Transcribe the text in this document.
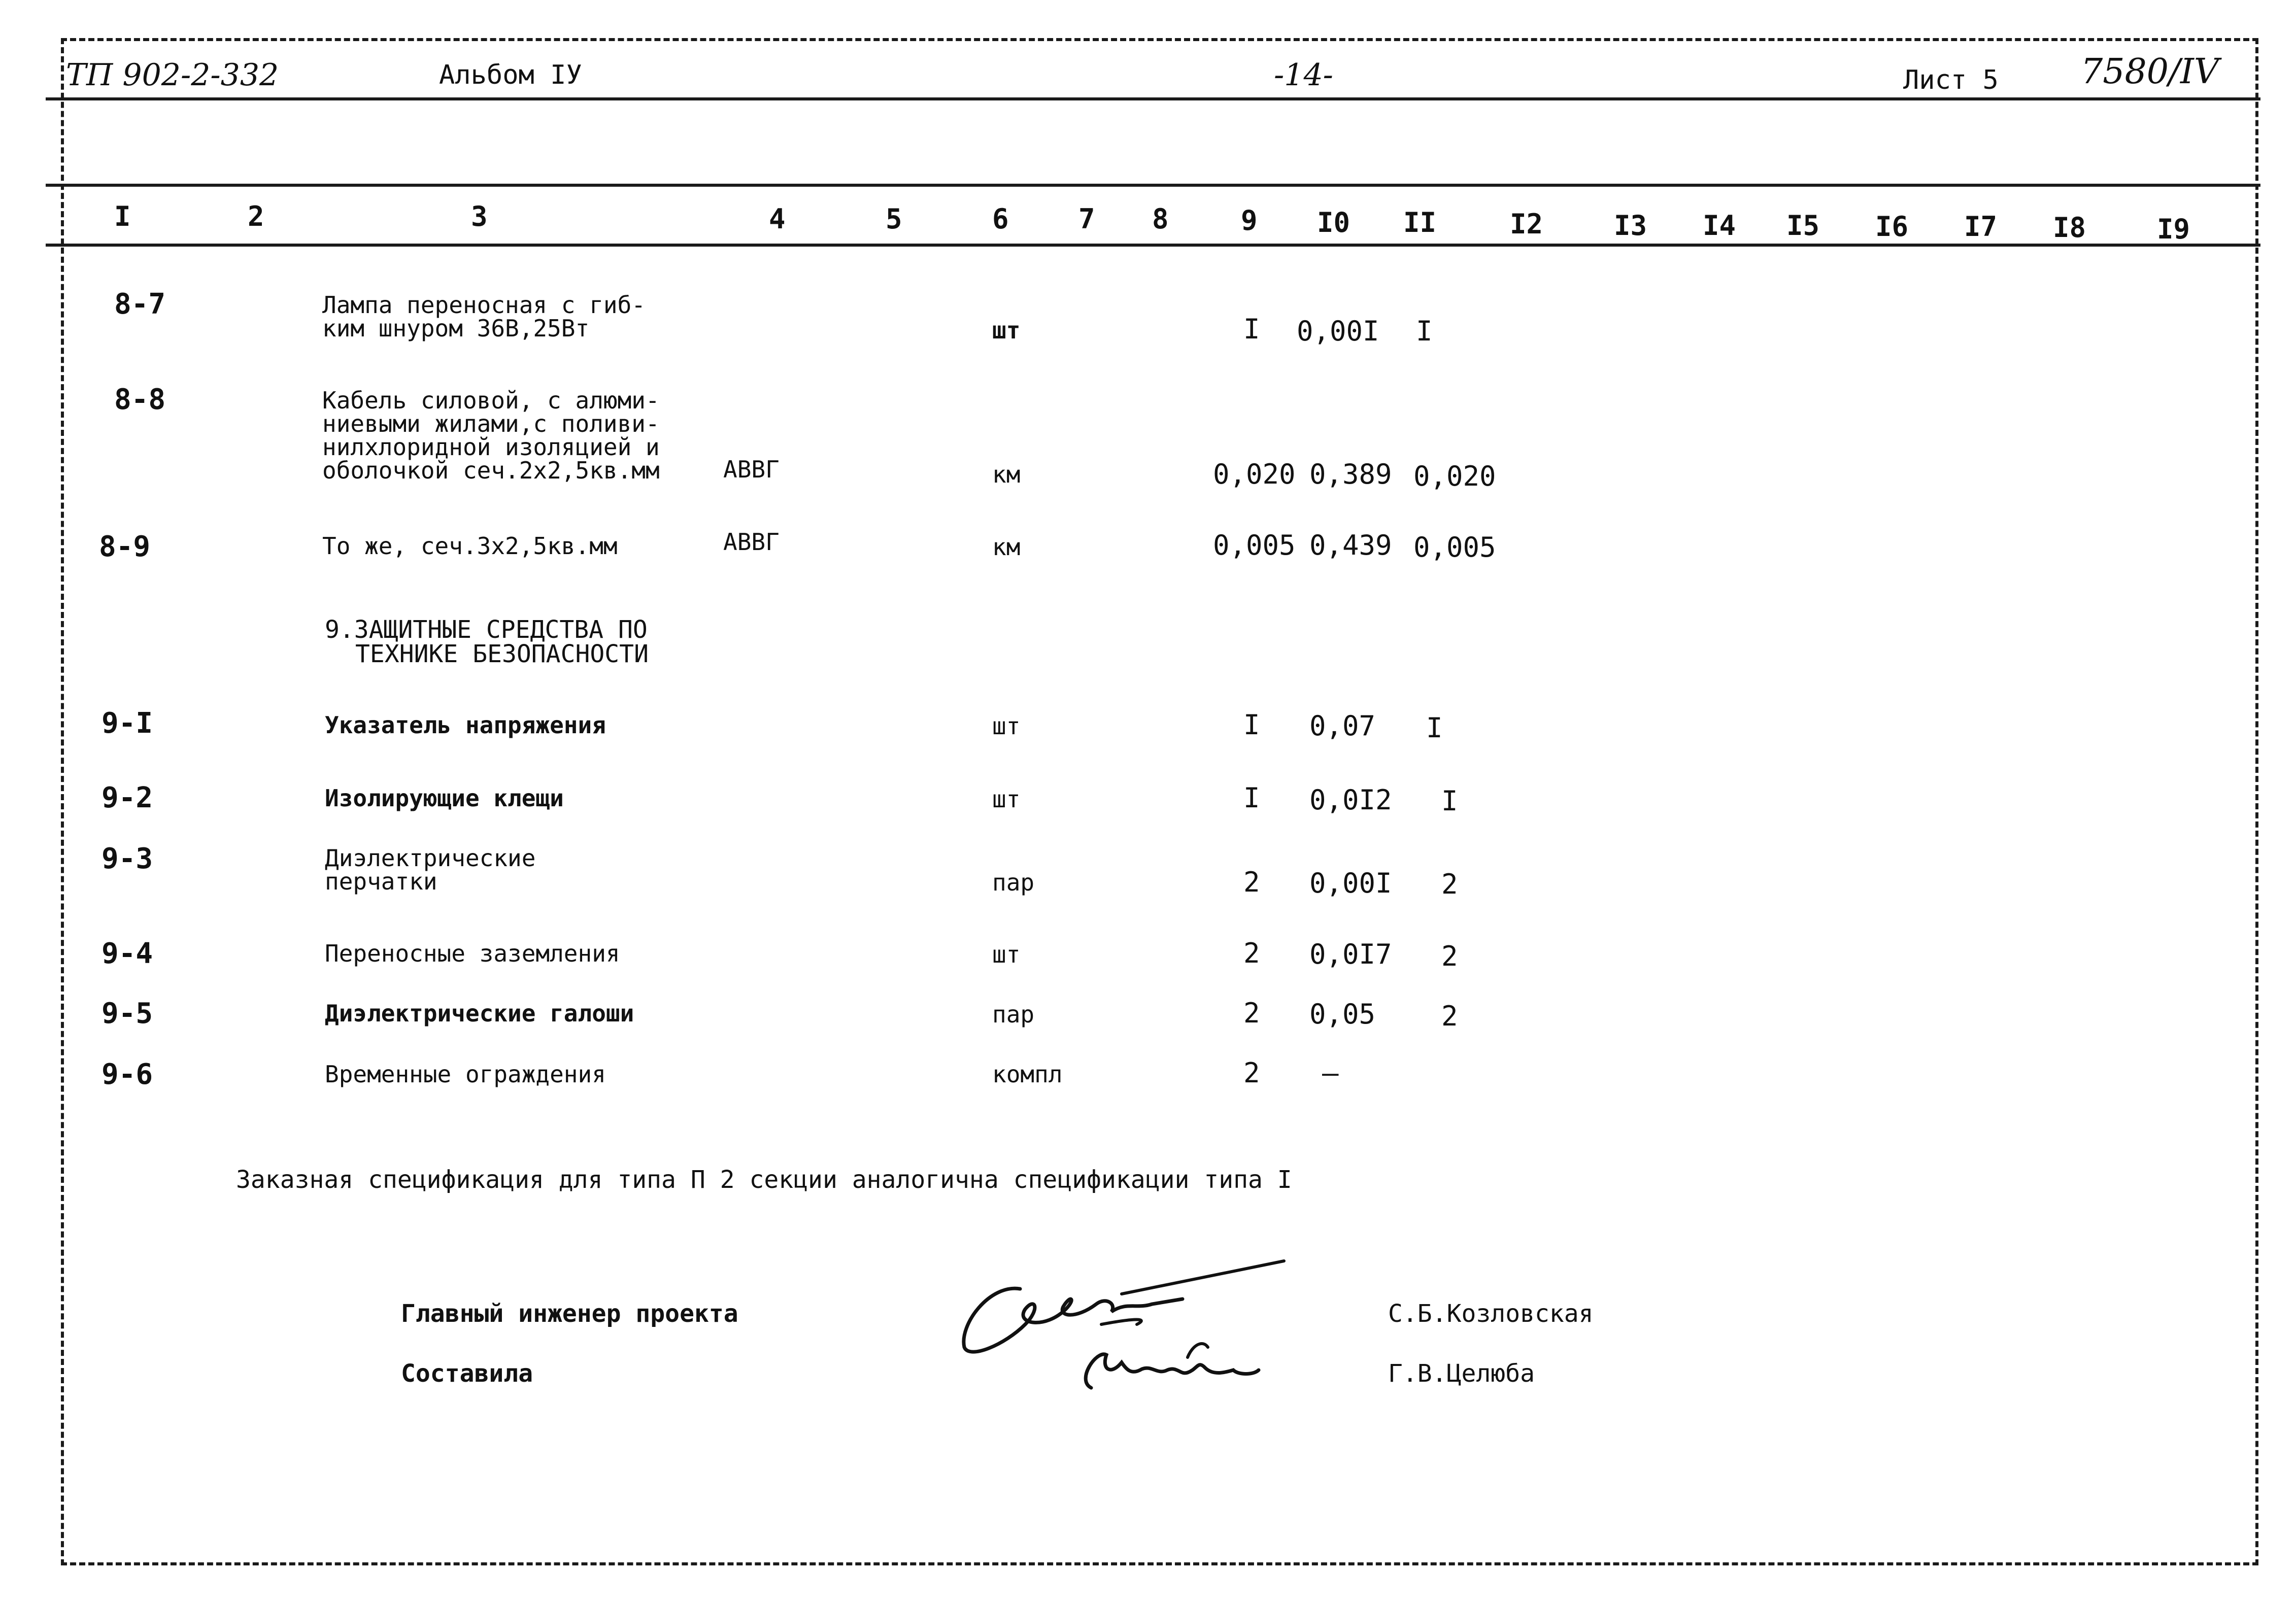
ТП 902-2-332	Альбом IУ	-14-	Лист 5 7580/IV
I	2	3	4	5	6	7 8	9 I0 II	I2	I3 I4 I5 I6 I7 I8	I9
8-7	Лампа переносная с гиб-
ким шнуром 36В,25Вт	шт	I 0,00I I
8-8	Кабель силовой, с алюми-
ниевыми жилами,с поливи-
нилхлоридной изоляцией и
оболочкой сеч.2х2,5кв.мм	АВВГ	км	0,020 0,389 0,020
8-9	То же, сеч.3х2,5кв.мм	АВВГ	км	0,005 0,439 0,005
9.ЗАЩИТНЫЕ СРЕДСТВА ПО
ТЕХНИКЕ БЕЗОПАСНОСТИ
9-I	Указатель напряжения	шт	I 0,07 I
9-2	Изолирующие клещи	шт	I 0,0I2 I
9-3	Диэлектрические
перчатки	пар	2 0,00I 2
9-4	Переносные заземления	шт	2 0,0I7 2
9-5	Диэлектрические галоши	пар	2 0,05 2
9-6	Временные ограждения	компл	2 –
Заказная спецификация для типа П 2 секции аналогична спецификации типа I
Главный инженер проекта
Составила
С.Б.Козловская
Г.В.Целюба
